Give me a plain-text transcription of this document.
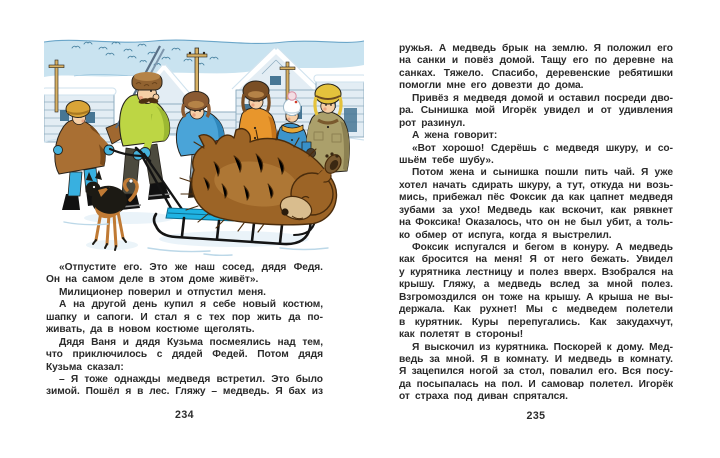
«Отпустите его. Это же наш сосед, дядя Федя.
Он на самом деле в этом доме живёт».
Милиционер поверил и отпустил меня.
А на другой день купил я себе новый костюм,
шапку и сапоги. И стал я с тех пор жить да по-
живать, да в новом костюме щеголять.
Дядя Ваня и дядя Кузьма посмеялись над тем,
что приключилось с дядей Федей. Потом дядя
Кузьма сказал:
– Я тоже однажды медведя встретил. Это было
зимой. Пошёл я в лес. Гляжу – медведь. Я бах из
234
ружья. А медведь брык на землю. Я положил его
на санки и повёз домой. Тащу его по деревне на
санках. Тяжело. Спасибо, деревенские ребятишки
помогли мне его довезти до дома.
Привёз я медведя домой и оставил посреди дво-
ра. Сынишка мой Игорёк увидел и от удивления
рот разинул.
А жена говорит:
«Вот хорошо! Сдерёшь с медведя шкуру, и со-
шьём тебе шубу».
Потом жена и сынишка пошли пить чай. Я уже
хотел начать сдирать шкуру, а тут, откуда ни возь-
мись, прибежал пёс Фоксик да как цапнет медведя
зубами за ухо! Медведь как вскочит, как рявкнет
на Фоксика! Оказалось, что он не был убит, а толь-
ко обмер от испуга, когда я выстрелил.
Фоксик испугался и бегом в конуру. А медведь
как бросится на меня! Я от него бежать. Увидел
у курятника лестницу и полез вверх. Взобрался на
крышу. Гляжу, а медведь вслед за мной полез.
Взгромоздился он тоже на крышу. А крыша не вы-
держала. Как рухнет! Мы с медведем полетели
в курятник. Куры перепугались. Как закудахчут,
как полетят в стороны!
Я выскочил из курятника. Поскорей к дому. Мед-
ведь за мной. Я в комнату. И медведь в комнату.
Я зацепился ногой за стол, повалил его. Вся посу-
да посыпалась на пол. И самовар полетел. Игорёк
от страха под диван спрятался.
235
